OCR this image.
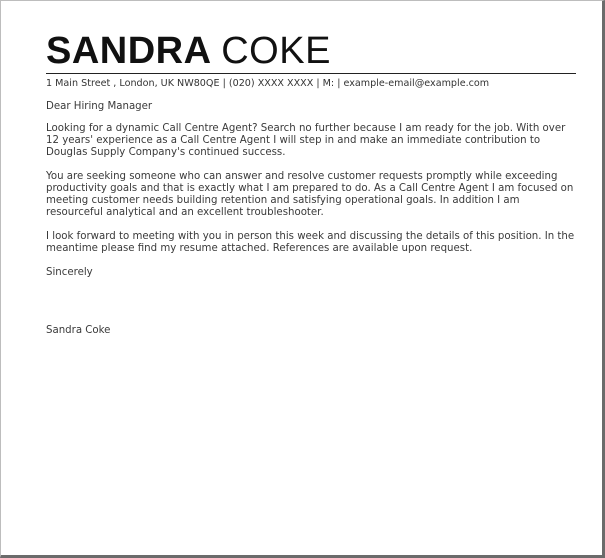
SANDRA COKE
1 Main Street , London, UK NW80QE | (020) XXXX XXXX | M: | example-email@example.com

Dear Hiring Manager

Looking for a dynamic Call Centre Agent? Search no further because I am ready for the job. With over 12 years' experience as a Call Centre Agent I will step in and make an immediate contribution to Douglas Supply Company's continued success.

You are seeking someone who can answer and resolve customer requests promptly while exceeding productivity goals and that is exactly what I am prepared to do. As a Call Centre Agent I am focused on meeting customer needs building retention and satisfying operational goals. In addition I am resourceful analytical and an excellent troubleshooter.

I look forward to meeting with you in person this week and discussing the details of this position. In the meantime please find my resume attached. References are available upon request.

Sincerely

Sandra Coke
